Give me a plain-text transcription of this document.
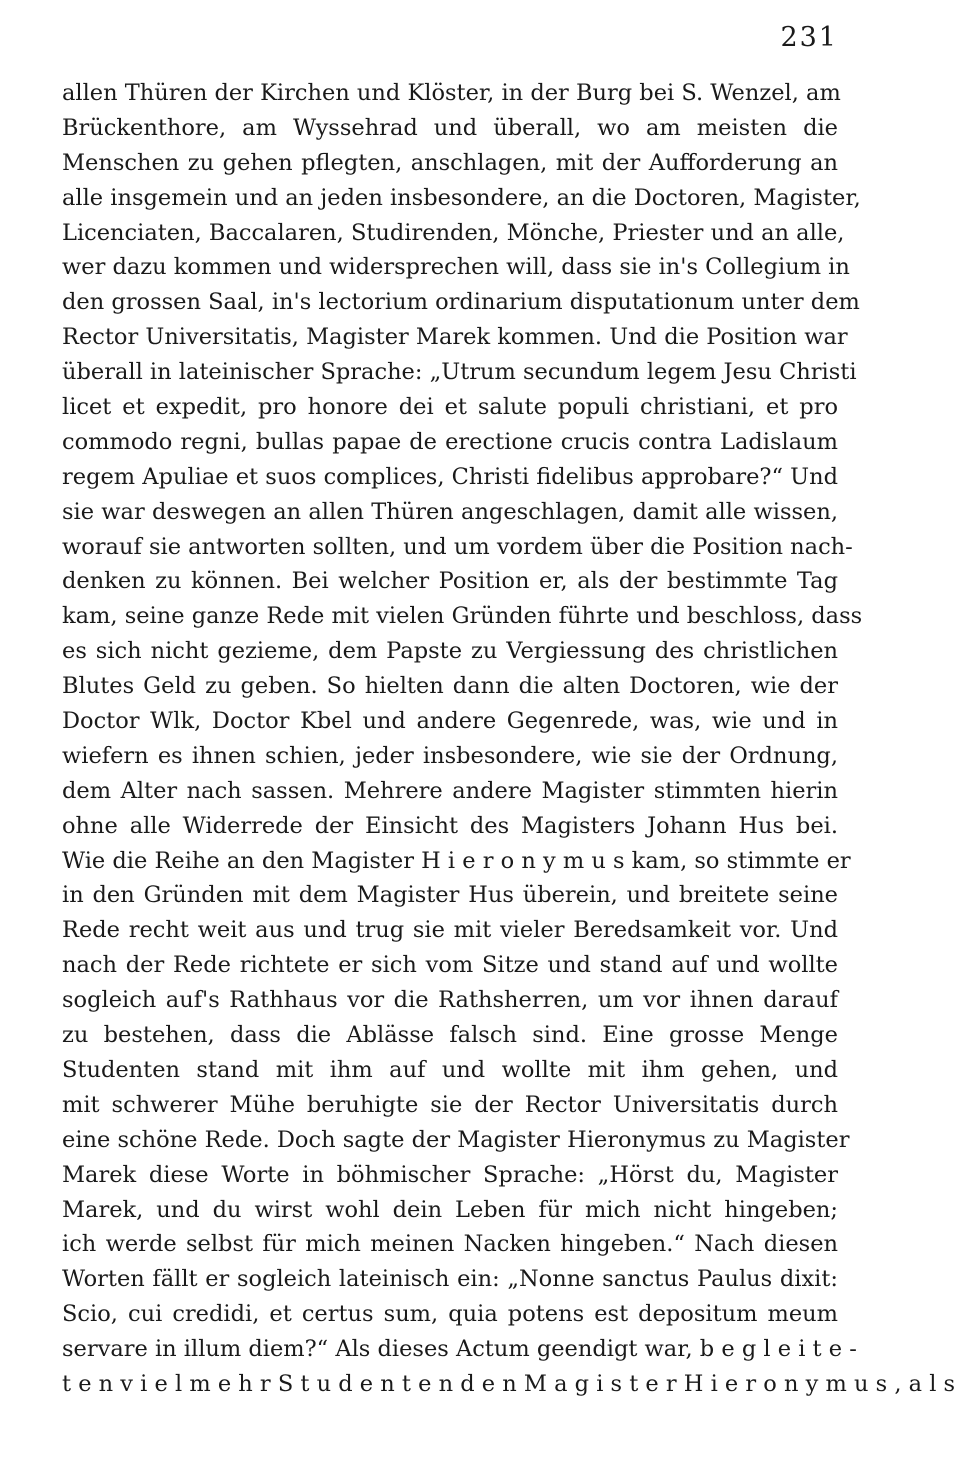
231
allen Thüren der Kirchen und Klöster, in der Burg bei S. Wenzel, am
Brückenthore, am Wyssehrad und überall, wo am meisten die
Menschen zu gehen pflegten, anschlagen, mit der Aufforderung an
alle insgemein und an jeden insbesondere, an die Doctoren, Magister,
Licenciaten, Baccalaren, Studirenden, Mönche, Priester und an alle,
wer dazu kommen und widersprechen will, dass sie in's Collegium in
den grossen Saal, in's lectorium ordinarium disputationum unter dem
Rector Universitatis, Magister Marek kommen. Und die Position war
überall in lateinischer Sprache: „Utrum secundum legem Jesu Christi
licet et expedit, pro honore dei et salute populi christiani, et pro
commodo regni, bullas papae de erectione crucis contra Ladislaum
regem Apuliae et suos complices, Christi fidelibus approbare?“ Und
sie war deswegen an allen Thüren angeschlagen, damit alle wissen,
worauf sie antworten sollten, und um vordem über die Position nach-
denken zu können. Bei welcher Position er, als der bestimmte Tag
kam, seine ganze Rede mit vielen Gründen führte und beschloss, dass
es sich nicht gezieme, dem Papste zu Vergiessung des christlichen
Blutes Geld zu geben. So hielten dann die alten Doctoren, wie der
Doctor Wlk, Doctor Kbel und andere Gegenrede, was, wie und in
wiefern es ihnen schien, jeder insbesondere, wie sie der Ordnung,
dem Alter nach sassen. Mehrere andere Magister stimmten hierin
ohne alle Widerrede der Einsicht des Magisters Johann Hus bei.
Wie die Reihe an den Magister H i e r o n y m u s kam, so stimmte er
in den Gründen mit dem Magister Hus überein, und breitete seine
Rede recht weit aus und trug sie mit vieler Beredsamkeit vor. Und
nach der Rede richtete er sich vom Sitze und stand auf und wollte
sogleich auf's Rathhaus vor die Rathsherren, um vor ihnen darauf
zu bestehen, dass die Ablässe falsch sind. Eine grosse Menge
Studenten stand mit ihm auf und wollte mit ihm gehen, und
mit schwerer Mühe beruhigte sie der Rector Universitatis durch
eine schöne Rede. Doch sagte der Magister Hieronymus zu Magister
Marek diese Worte in böhmischer Sprache: „Hörst du, Magister
Marek, und du wirst wohl dein Leben für mich nicht hingeben;
ich werde selbst für mich meinen Nacken hingeben.“ Nach diesen
Worten fällt er sogleich lateinisch ein: „Nonne sanctus Paulus dixit:
Scio, cui credidi, et certus sum, quia potens est depositum meum
servare in illum diem?“ Als dieses Actum geendigt war, b e g l e i t e -
t e n v i e l m e h r S t u d e n t e n d e n M a g i s t e r H i e r o n y m u s , a l s
